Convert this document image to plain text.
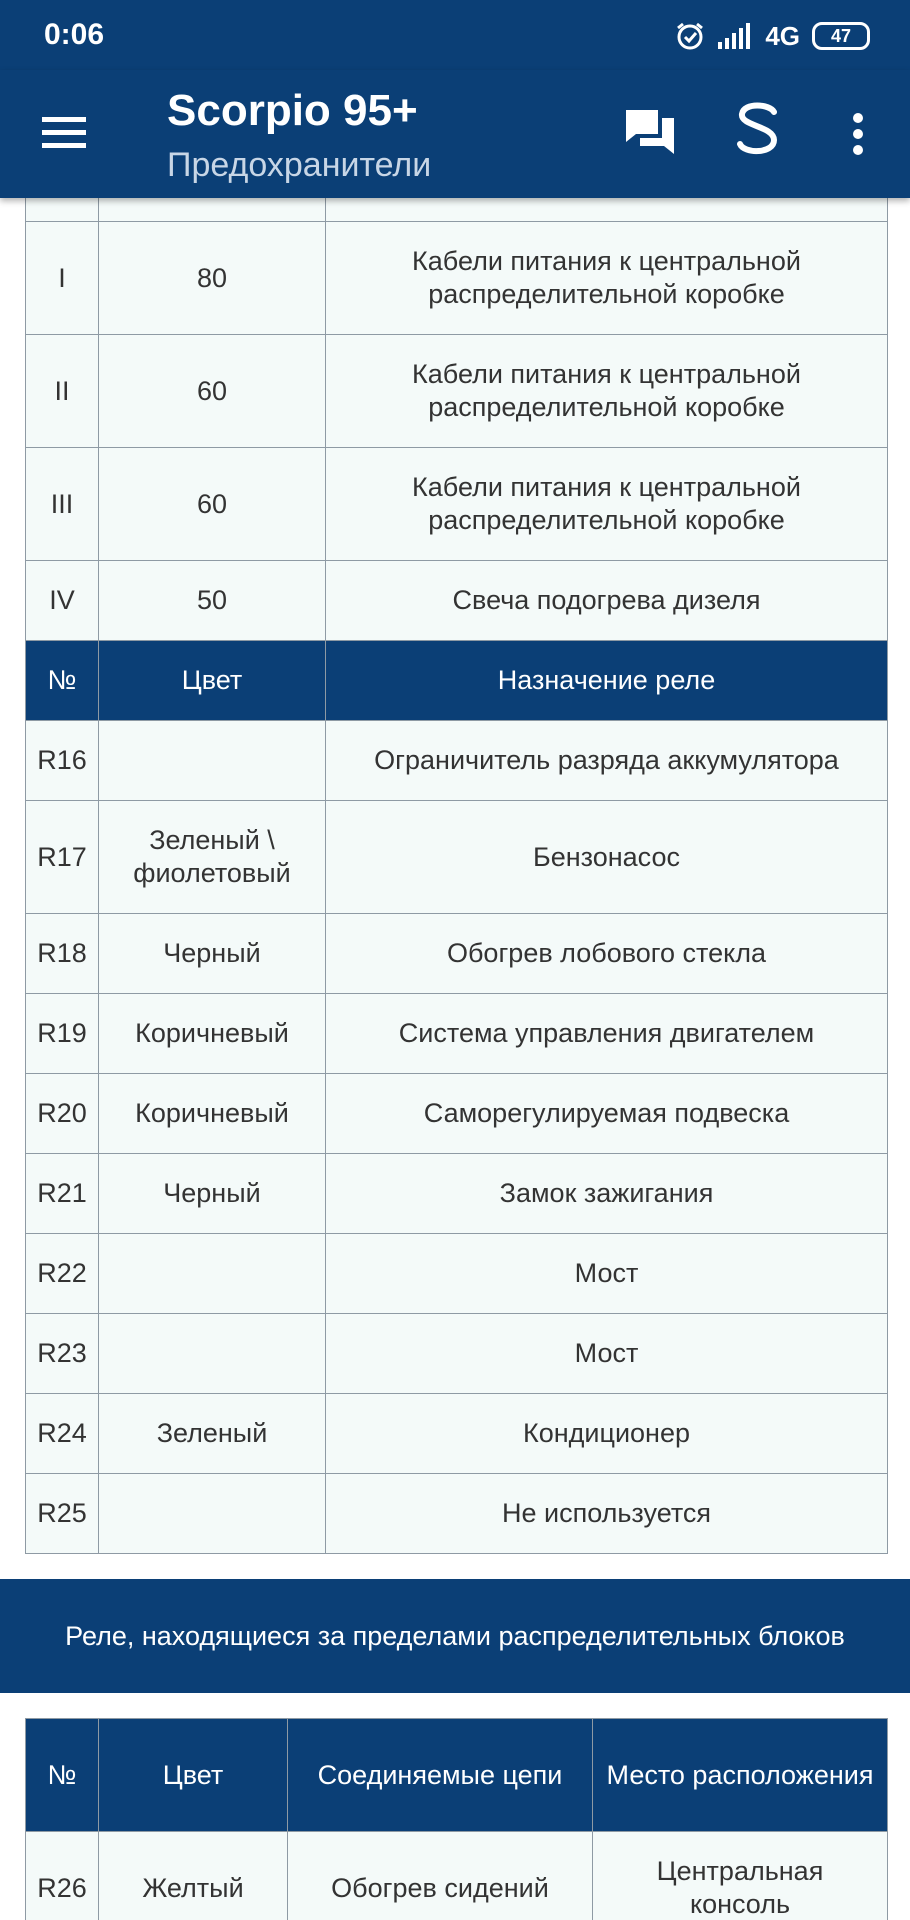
0:06	4G 47
Scorpio 95+
Предохранители

I	80	Кабели питания к центральной распределительной коробке
II	60	Кабели питания к центральной распределительной коробке
III	60	Кабели питания к центральной распределительной коробке
IV	50	Свеча подогрева дизеля
№	Цвет	Назначение реле
R16		Ограничитель разряда аккумулятора
R17	Зеленый \ фиолетовый	Бензонасос
R18	Черный	Обогрев лобового стекла
R19	Коричневый	Система управления двигателем
R20	Коричневый	Саморегулируемая подвеска
R21	Черный	Замок зажигания
R22		Мост
R23		Мост
R24	Зеленый	Кондиционер
R25		Не используется
Реле, находящиеся за пределами распределительных блоков
№	Цвет	Соединяемые цепи	Место расположения
R26	Желтый	Обогрев сидений	Центральная консоль
